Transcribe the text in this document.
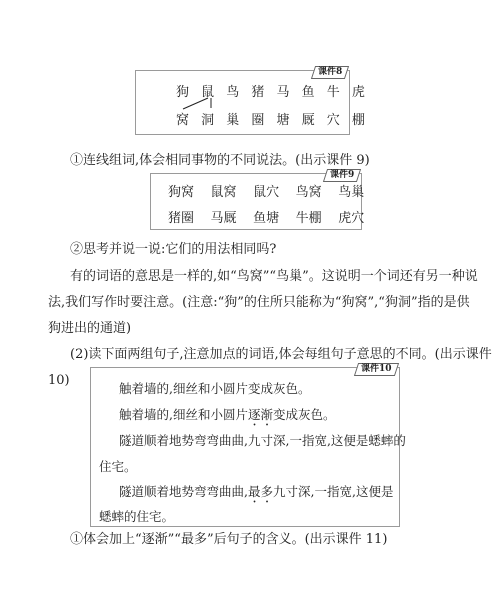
课件8
狗 鼠 鸟 猪 马 鱼 牛 虎
窝 洞 巢 圈 塘 厩 穴 棚
①连线组词,体会相同事物的不同说法。(出示课件 9)
课件9
狗窝 鼠窝 鼠穴 鸟窝 鸟巢
猪圈 马厩 鱼塘 牛棚 虎穴
②思考并说一说:它们的用法相同吗?
有的词语的意思是一样的,如“鸟窝”“鸟巢”。这说明一个词还有另一种说
法,我们写作时要注意。(注意:“狗”的住所只能称为“狗窝”,“狗洞”指的是供
狗进出的通道)
(2)读下面两组句子,注意加点的词语,体会每组句子意思的不同。(出示课件
10)
课件10
触着墙的,细丝和小圆片变成灰色。
触着墙的,细丝和小圆片逐渐变成灰色。
隧道顺着地势弯弯曲曲,九寸深,一指宽,这便是蟋蟀的
住宅。
隧道顺着地势弯弯曲曲,最多九寸深,一指宽,这便是
蟋蟀的住宅。
①体会加上“逐渐”“最多”后句子的含义。(出示课件 11)
